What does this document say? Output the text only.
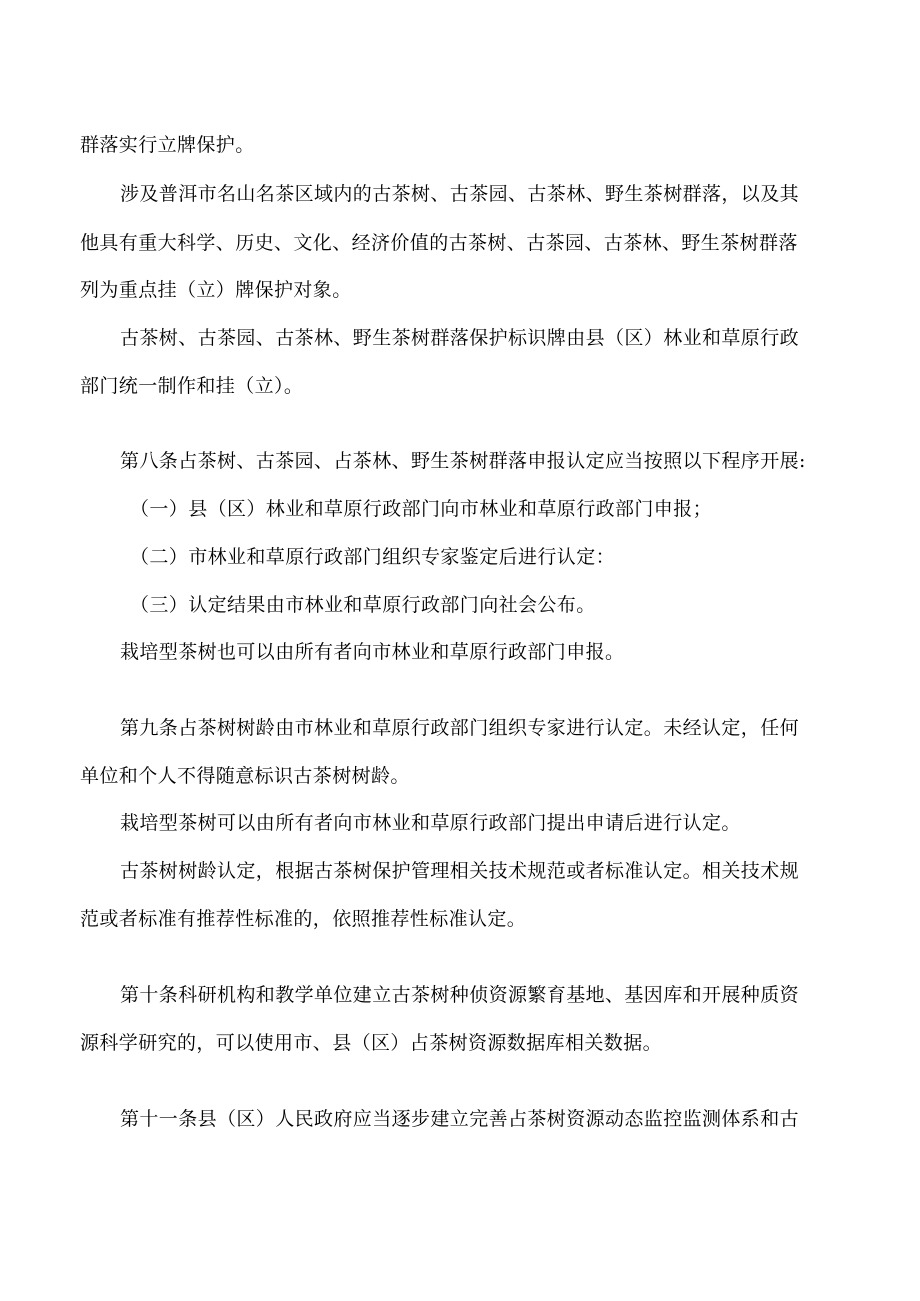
群落实行立牌保护。
涉及普洱市名山名茶区域内的古茶树、古茶园、古茶林、野生茶树群落，以及其
他具有重大科学、历史、文化、经济价值的古茶树、古茶园、古茶林、野生茶树群落
列为重点挂（立）牌保护对象。
古茶树、古茶园、古茶林、野生茶树群落保护标识牌由县（区）林业和草原行政
部门统一制作和挂（立）。
第八条占茶树、古茶园、占茶林、野生茶树群落申报认定应当按照以下程序开展:
（一）县（区）林业和草原行政部门向市林业和草原行政部门申报；
（二）市林业和草原行政部门组织专家鉴定后进行认定：
（三）认定结果由市林业和草原行政部门向社会公布。
栽培型茶树也可以由所有者向市林业和草原行政部门申报。
第九条占茶树树龄由市林业和草原行政部门组织专家进行认定。未经认定，任何
单位和个人不得随意标识古茶树树龄。
栽培型茶树可以由所有者向市林业和草原行政部门提出申请后进行认定。
古茶树树龄认定，根据古茶树保护管理相关技术规范或者标准认定。相关技术规
范或者标准有推荐性标准的，依照推荐性标准认定。
第十条科研机构和教学单位建立古茶树种侦资源繁育基地、基因库和开展种质资
源科学研究的，可以使用市、县（区）占茶树资源数据库相关数据。
第十一条县（区）人民政府应当逐步建立完善占茶树资源动态监控监测体系和古
